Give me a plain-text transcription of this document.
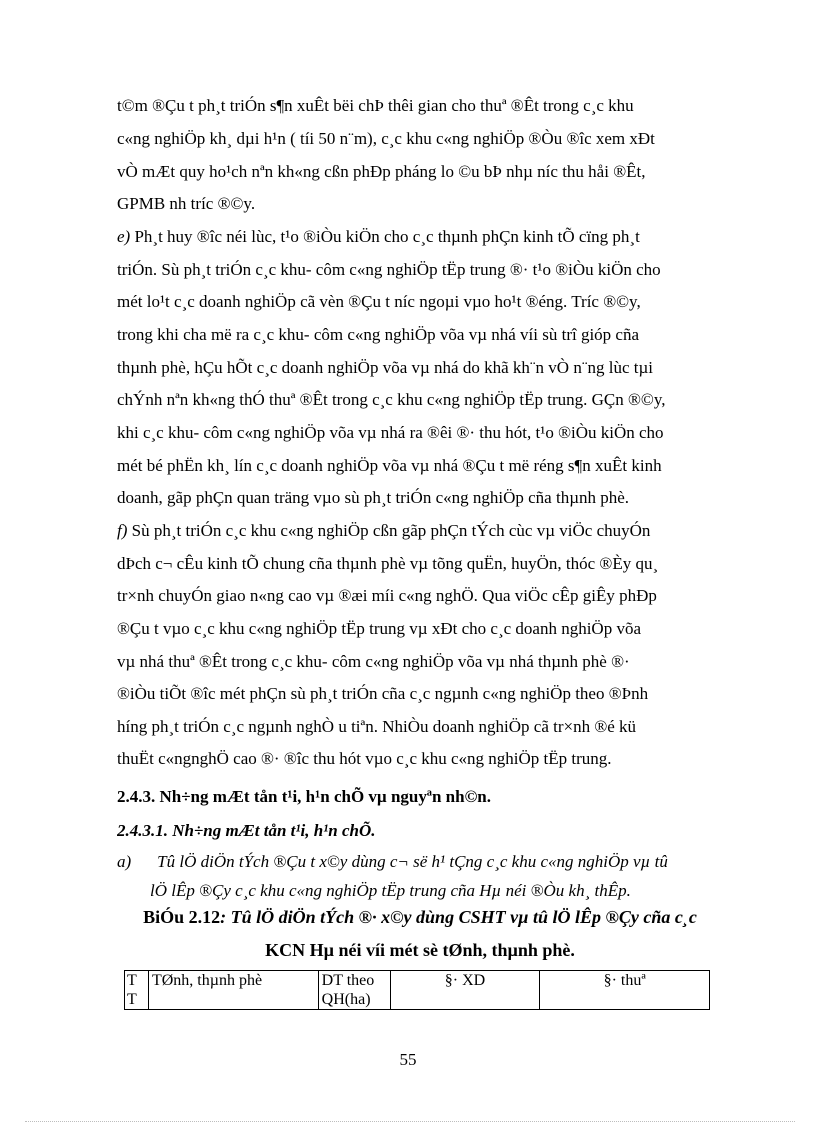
t©m ®Çu t ph¸t triÓn s¶n xuÊt bëi chÞ thêi gian cho thuª ®Êt trong c¸c khu
c«ng nghiÖp kh¸ dµi h¹n ( tíi 50 n¨m), c¸c khu c«ng nghiÖp ®Òu ®îc xem xÐt
vÒ mÆt quy ho¹ch nªn kh«ng cßn phÐp pháng lo ©u bÞ nhµ níc thu håi ®Êt,
GPMB nh tríc ®©y.
e) Ph¸t huy ®îc néi lùc, t¹o ®iÒu kiÖn cho c¸c thµnh phÇn kinh tÕ cïng ph¸t
triÓn. Sù ph¸t triÓn c¸c khu- côm c«ng nghiÖp tËp trung ®· t¹o ®iÒu kiÖn cho
mét lo¹t c¸c doanh nghiÖp cã vèn ®Çu t níc ngoµi vµo ho¹t ®éng. Tríc ®©y,
trong khi cha më ra c¸c khu- côm c«ng nghiÖp võa vµ nhá víi sù trî gióp cña
thµnh phè, hÇu hÕt c¸c doanh nghiÖp võa vµ nhá do khã kh¨n vÒ n¨ng lùc tµi
chÝnh nªn kh«ng thÓ thuª ®Êt trong c¸c khu c«ng nghiÖp tËp trung. GÇn ®©y,
khi c¸c khu- côm c«ng nghiÖp võa vµ nhá ra ®êi ®· thu hót, t¹o ®iÒu kiÖn cho
mét bé phËn kh¸ lín c¸c doanh nghiÖp võa vµ nhá ®Çu t më réng s¶n xuÊt kinh
doanh, gãp phÇn quan träng vµo sù ph¸t triÓn c«ng nghiÖp cña thµnh phè.
f) Sù ph¸t triÓn c¸c khu c«ng nghiÖp cßn gãp phÇn tÝch cùc vµ viÖc chuyÓn
dÞch c¬ cÊu kinh tÕ chung cña thµnh phè vµ tõng quËn, huyÖn, thóc ®Èy qu¸
tr×nh chuyÓn giao n«ng cao vµ ®æi míi c«ng nghÖ. Qua viÖc cÊp giÊy phÐp
®Çu t vµo c¸c khu c«ng nghiÖp tËp trung vµ xÐt cho c¸c doanh nghiÖp võa
vµ nhá thuª ®Êt trong c¸c khu- côm c«ng nghiÖp võa vµ nhá thµnh phè ®·
®iÒu tiÕt ®îc mét phÇn sù ph¸t triÓn cña c¸c ngµnh c«ng nghiÖp theo ®Þnh
híng ph¸t triÓn c¸c ngµnh nghÒ u tiªn. NhiÒu doanh nghiÖp cã tr×nh ®é kü
thuËt c«ngnghÖ cao ®· ®îc thu hót vµo c¸c khu c«ng nghiÖp tËp trung.
2.4.3. Nh÷ng mÆt tån t¹i, h¹n chÕ vµ nguyªn nh©n.
2.4.3.1. Nh÷ng mÆt tån t¹i, h¹n chÕ.
a) Tû lÖ diÖn tÝch ®Çu t x©y dùng c¬ së h¹ tÇng c¸c khu c«ng nghiÖp vµ tû
lÖ lÊp ®Çy c¸c khu c«ng nghiÖp tËp trung cña Hµ néi ®Òu kh¸ thÊp.
BiÓu 2.12: Tû lÖ diÖn tÝch ®· x©y dùng CSHT vµ tû lÖ lÊp ®Çy cña c¸c
KCN Hµ néi víi mét sè tØnh, thµnh phè.
T T	TØnh, thµnh phè	DT theo QH(ha)	§· XD	§· thuª
55
